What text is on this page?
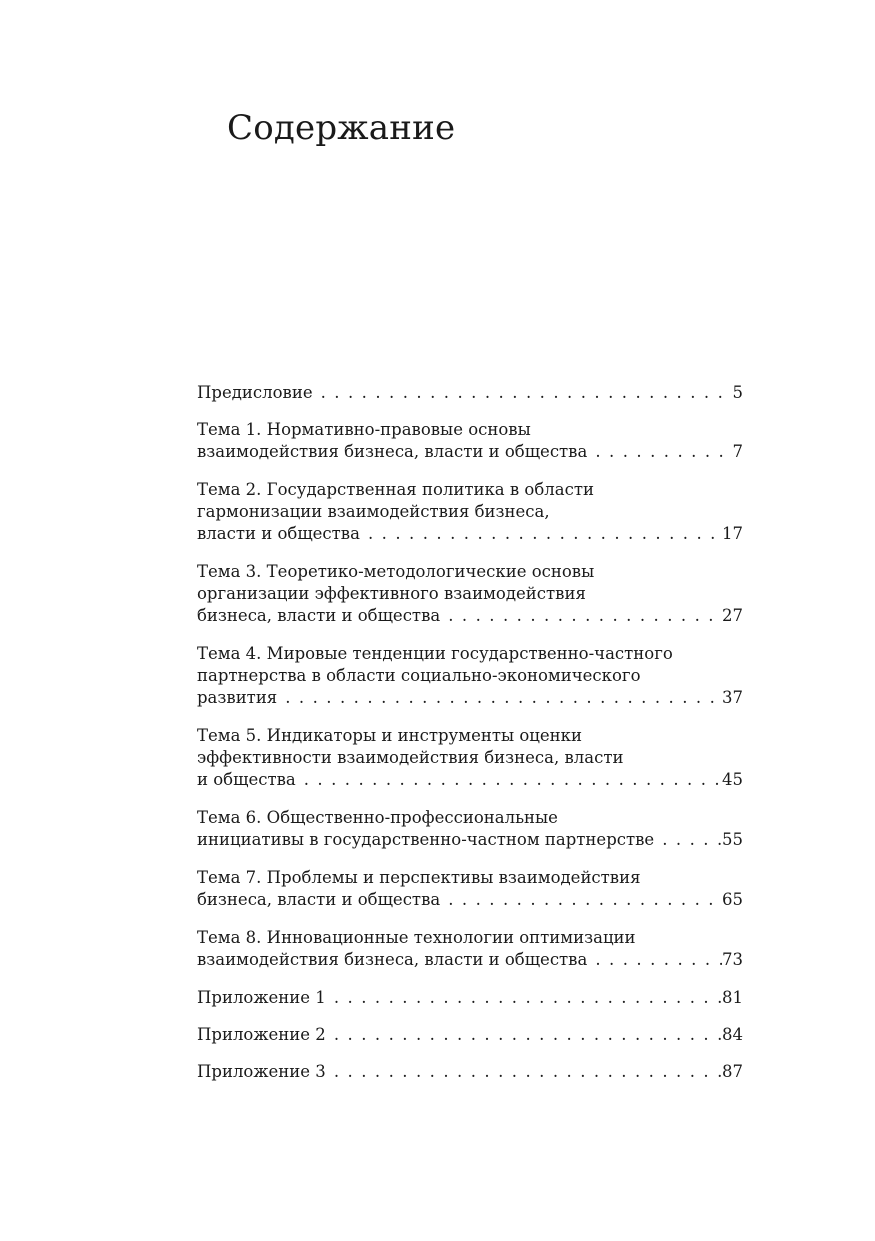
Содержание
Предисловие . . .	5
Тема 1. Нормативно-правовые основы
взаимодействия бизнеса, власти и общества . . .	7
Тема 2. Государственная политика в области
гармонизации взаимодействия бизнеса,
власти и общества . . .	17
Тема 3. Теоретико-методологические основы
организации эффективного взаимодействия
бизнеса, власти и общества . . .	27
Тема 4. Мировые тенденции государственно-частного
партнерства в области социально-экономического
развития . . .	37
Тема 5. Индикаторы и инструменты оценки
эффективности взаимодействия бизнеса, власти
и общества . . .	45
Тема 6. Общественно-профессиональные
инициативы в государственно-частном партнерстве . . .	55
Тема 7. Проблемы и перспективы взаимодействия
бизнеса, власти и общества . . .	65
Тема 8. Инновационные технологии оптимизации
взаимодействия бизнеса, власти и общества . . .	73
Приложение 1 . . .	81
Приложение 2 . . .	84
Приложение 3 . . .	87
